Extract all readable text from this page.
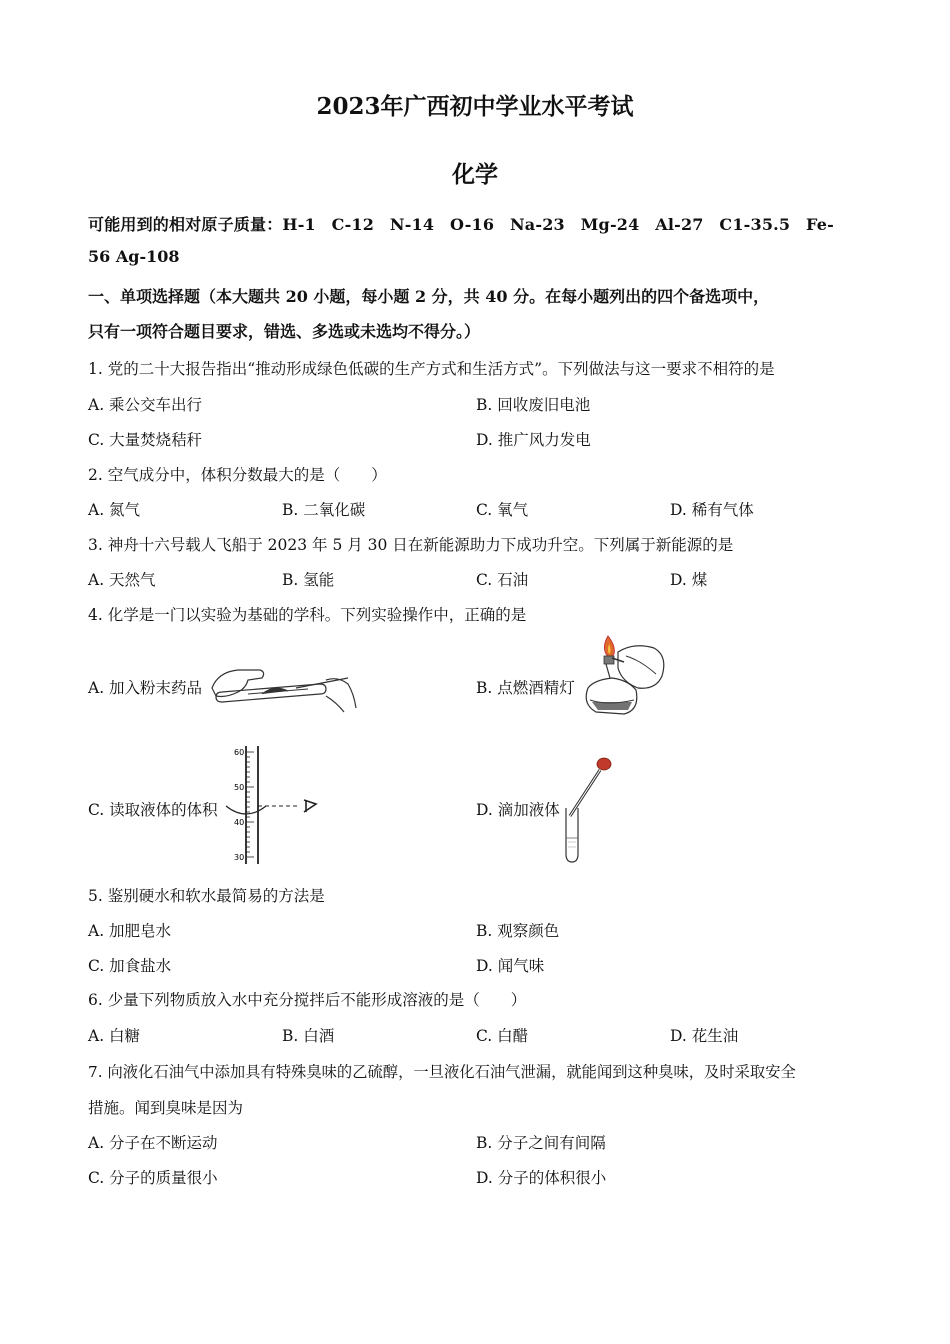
2023年广西初中学业水平考试
化学
可能用到的相对原子质量：H-1 C-12 N-14 O-16 Na-23 Mg-24 Al-27 C1-35.5 Fe-
56 Ag-108
一、单项选择题（本大题共 20 小题，每小题 2 分，共 40 分。在每小题列出的四个备选项中，
只有一项符合题目要求，错选、多选或未选均不得分。）
1. 党的二十大报告指出“推动形成绿色低碳的生产方式和生活方式”。下列做法与这一要求不相符的是
A. 乘公交车出行	B. 回收废旧电池
C. 大量焚烧秸秆	D. 推广风力发电
2. 空气成分中，体积分数最大的是（　　）
A. 氮气	B. 二氧化碳	C. 氧气	D. 稀有气体
3. 神舟十六号载人飞船于 2023 年 5 月 30 日在新能源助力下成功升空。下列属于新能源的是
A. 天然气	B. 氢能	C. 石油	D. 煤
4. 化学是一门以实验为基础的学科。下列实验操作中，正确的是
A. 加入粉末药品	B. 点燃酒精灯
C. 读取液体的体积	D. 滴加液体
60
50
40
30
5. 鉴别硬水和软水最简易的方法是
A. 加肥皂水	B. 观察颜色
C. 加食盐水	D. 闻气味
6. 少量下列物质放入水中充分搅拌后不能形成溶液的是（　　）
A. 白糖	B. 白酒	C. 白醋	D. 花生油
7. 向液化石油气中添加具有特殊臭味的乙硫醇，一旦液化石油气泄漏，就能闻到这种臭味，及时采取安全
措施。闻到臭味是因为
A. 分子在不断运动	B. 分子之间有间隔
C. 分子的质量很小	D. 分子的体积很小
